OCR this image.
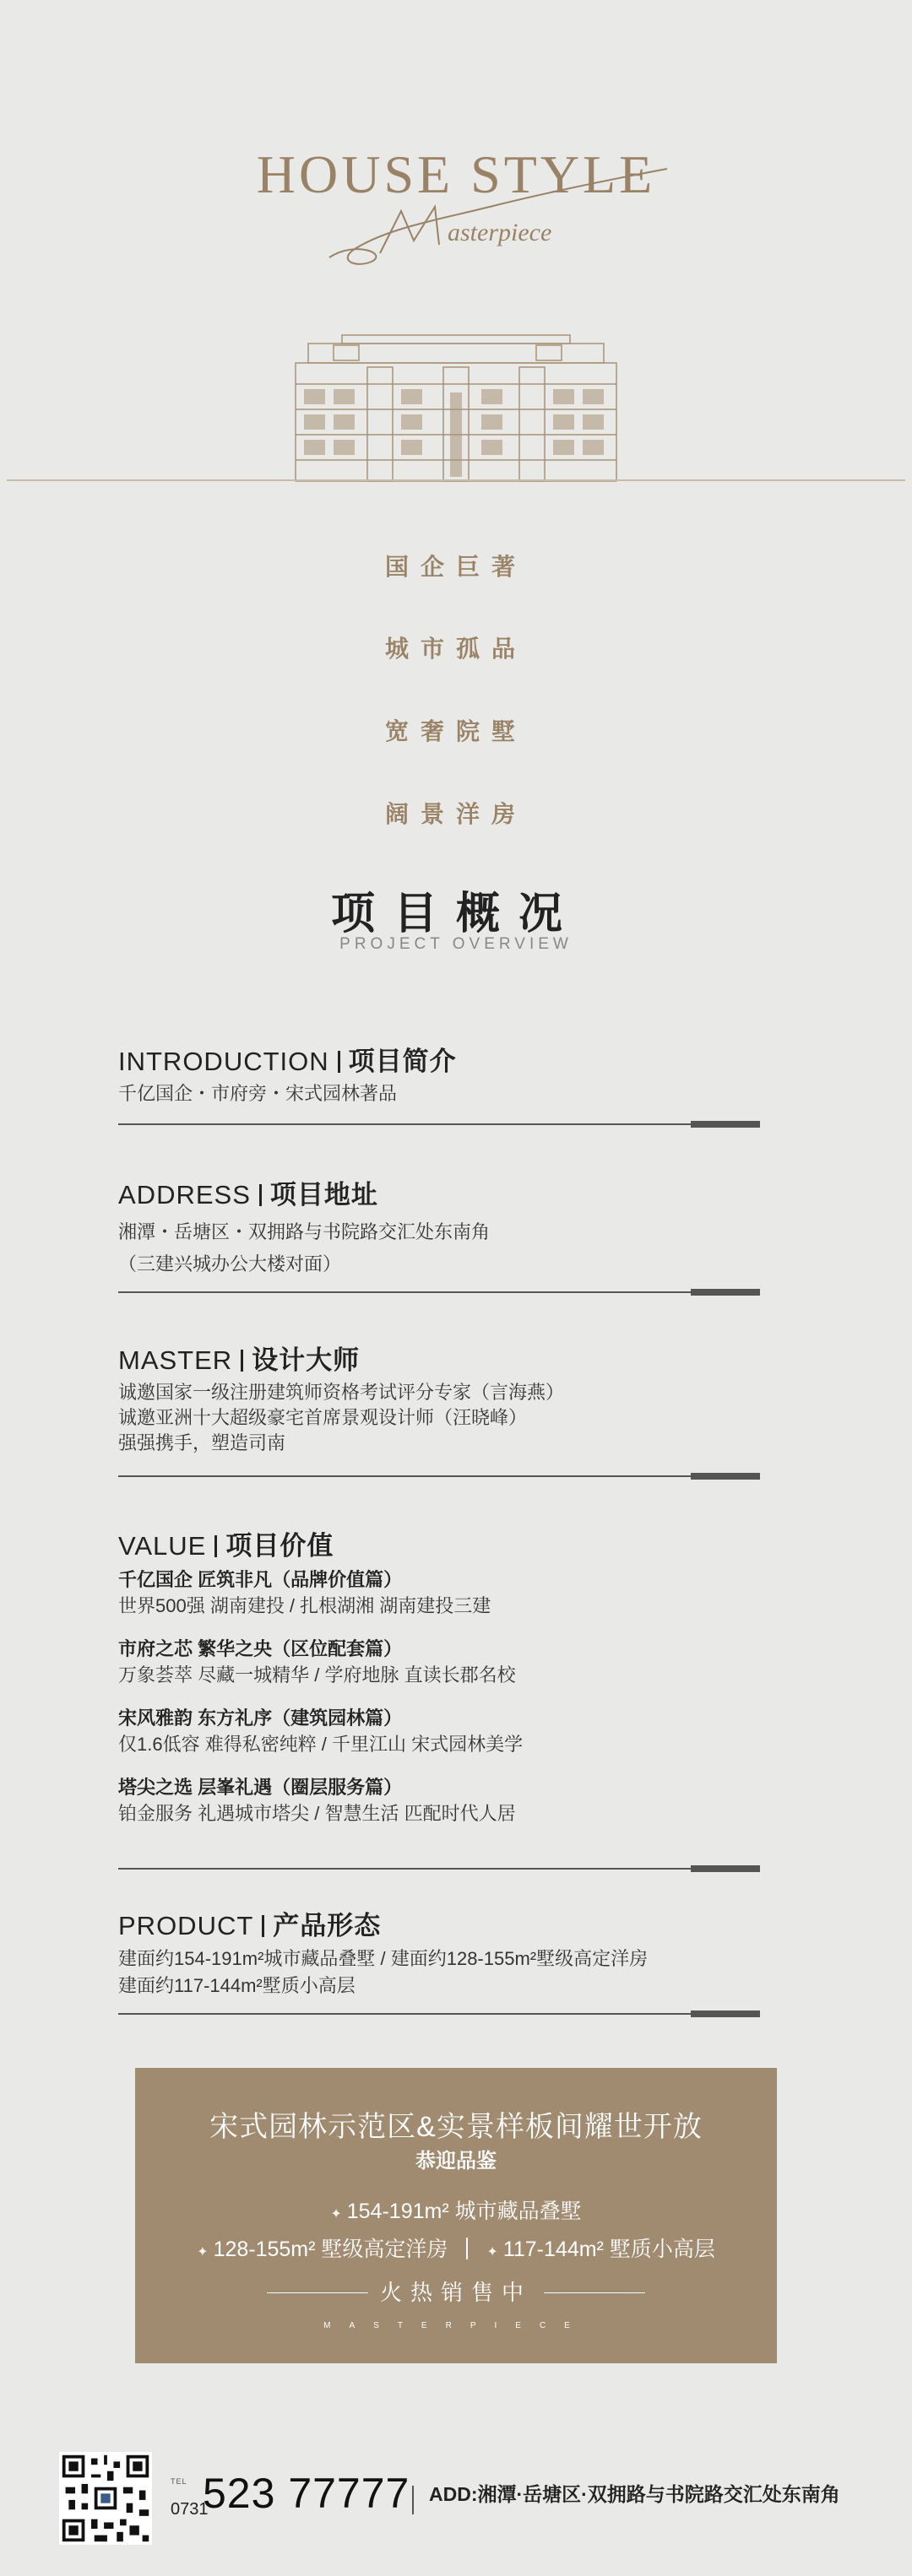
HOUSE STYLE
asterpiece
国企巨著
城市孤品
宽奢院墅
阔景洋房
项目概况
PROJECT OVERVIEW
INTRODUCTION 项目简介
千亿国企・市府旁・宋式园林著品
ADDRESS 项目地址
湘潭・岳塘区・双拥路与书院路交汇处东南角
（三建兴城办公大楼对面）
MASTER 设计大师
诚邀国家一级注册建筑师资格考试评分专家（言海燕）
诚邀亚洲十大超级豪宅首席景观设计师（汪晓峰）
强强携手，塑造司南
VALUE 项目价值
千亿国企 匠筑非凡（品牌价值篇）
世界500强 湖南建投 / 扎根湖湘 湖南建投三建
市府之芯 繁华之央（区位配套篇）
万象荟萃 尽藏一城精华 / 学府地脉 直读长郡名校
宋风雅韵 东方礼序（建筑园林篇）
仅1.6低容 难得私密纯粹 / 千里江山 宋式园林美学
塔尖之选 层峯礼遇（圈层服务篇）
铂金服务 礼遇城市塔尖 / 智慧生活 匹配时代人居
PRODUCT 产品形态
建面约154-191m²城市藏品叠墅 / 建面约128-155m²墅级高定洋房
建面约117-144m²墅质小高层
宋式园林示范区&实景样板间耀世开放
恭迎品鉴
✦ 154-191m² 城市藏品叠墅
✦ 128-155m² 墅级高定洋房	✦ 117-144m² 墅质小高层
火热销售中
MASTERPIECE
TEL
0731
523 77777 ADD:湘潭·岳塘区·双拥路与书院路交汇处东南角
